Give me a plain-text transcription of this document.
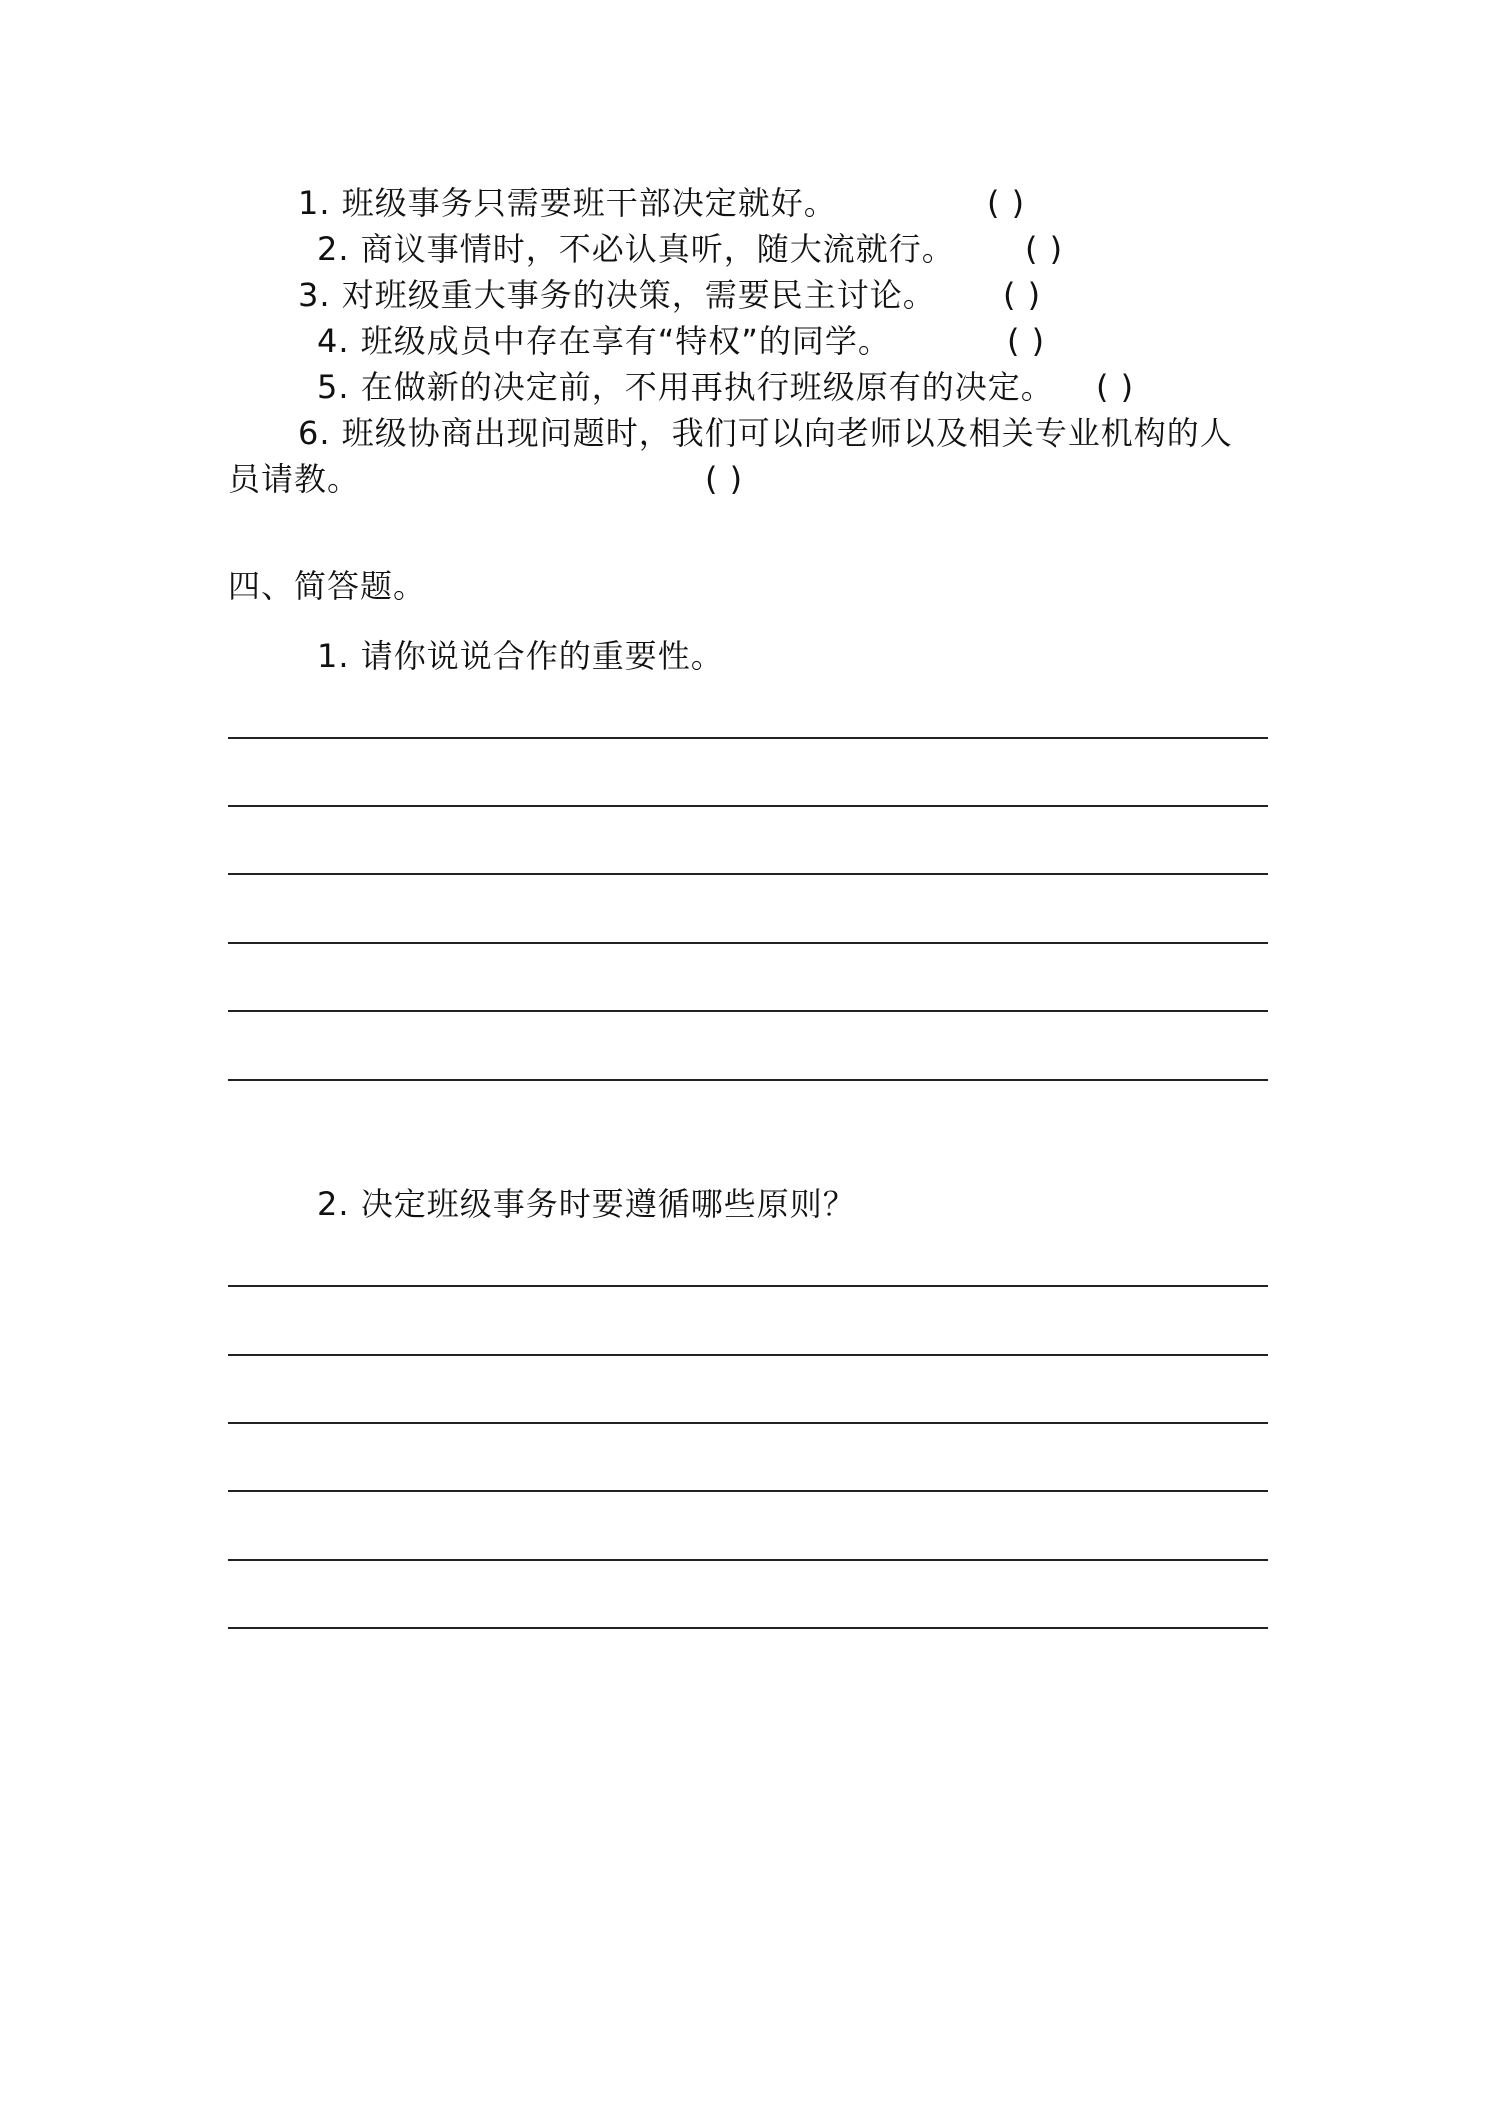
1. 班级事务只需要班干部决定就好。	( )
2. 商议事情时，不必认真听，随大流就行。 ( )
3. 对班级重大事务的决策，需要民主讨论。 ( )
4. 班级成员中存在享有“特权”的同学。	( )
5. 在做新的决定前，不用再执行班级原有的决定。 ( )
6. 班级协商出现问题时，我们可以向老师以及相关专业机构的人
员请教。	( )
四、简答题。
1. 请你说说合作的重要性。
2. 决定班级事务时要遵循哪些原则？
